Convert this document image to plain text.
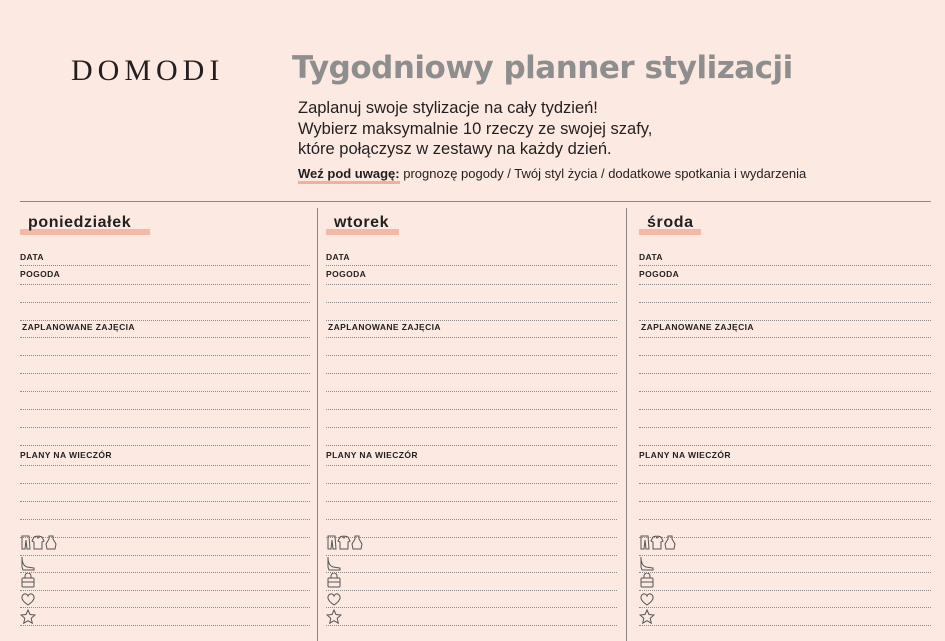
DOMODI Tygodniowy planner stylizacji
Zaplanuj swoje stylizacje na cały tydzień!
Wybierz maksymalnie 10 rzeczy ze swojej szafy,
które połączysz w zestawy na każdy dzień.
Weź pod uwagę: prognozę pogody / Twój styl życia / dodatkowe spotkania i wydarzenia
poniedziałek
DATA
POGODA
ZAPLANOWANE ZAJĘCIA
PLANY NA WIECZÓR
wtorek
DATA
POGODA
ZAPLANOWANE ZAJĘCIA
PLANY NA WIECZÓR
środa
DATA
POGODA
ZAPLANOWANE ZAJĘCIA
PLANY NA WIECZÓR
